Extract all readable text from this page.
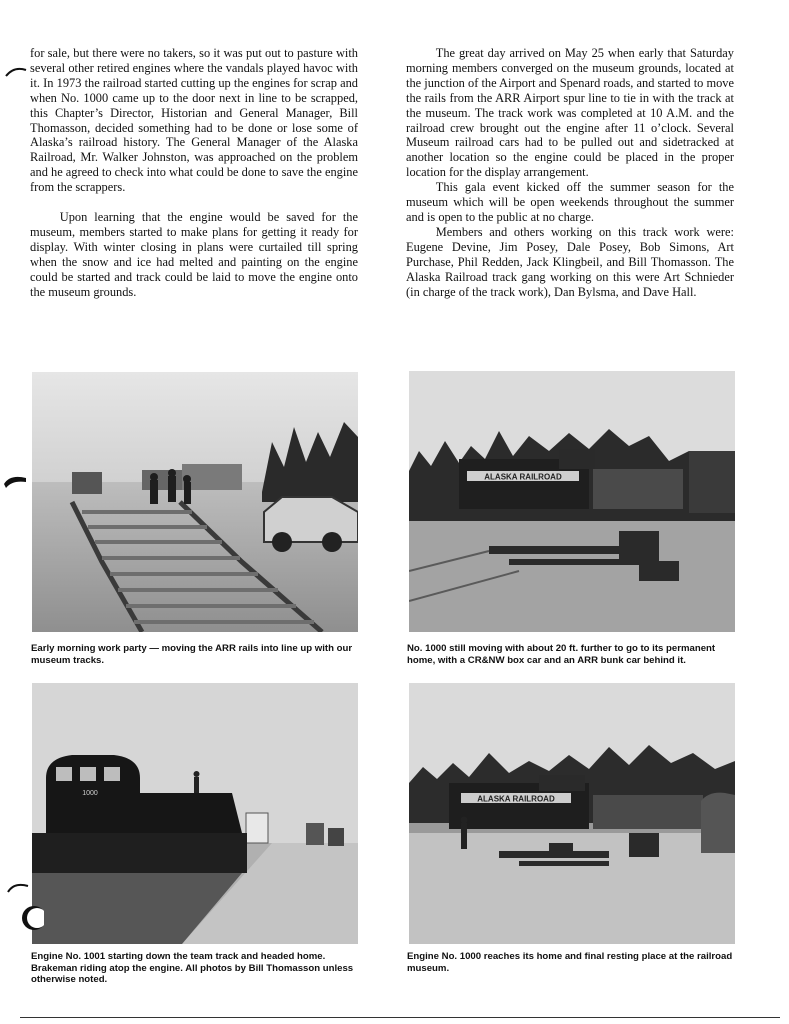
for sale, but there were no takers, so it was put out to pasture with several other retired engines where the vandals played havoc with it. In 1973 the railroad started cutting up the engines for scrap and when No. 1000 came up to the door next in line to be scrapped, this Chapter’s Director, Historian and General Manager, Bill Thomasson, decided something had to be done or lose some of Alaska’s railroad history. The General Manager of the Alaska Railroad, Mr. Walker Johnston, was approached on the problem and he agreed to check into what could be done to save the engine from the scrappers.

Upon learning that the engine would be saved for the museum, members started to make plans for getting it ready for display. With winter closing in plans were curtailed till spring when the snow and ice had melted and painting on the engine could be started and track could be laid to move the engine onto the museum grounds.

The great day arrived on May 25 when early that Saturday morning members converged on the museum grounds, located at the junction of the Airport and Spenard roads, and started to move the rails from the ARR Airport spur line to tie in with the track at the museum. The track work was completed at 10 A.M. and the railroad crew brought out the engine after 11 o’clock. Several Museum railroad cars had to be pulled out and sidetracked at another location so the engine could be placed in the proper location for the display arrangement.

This gala event kicked off the summer season for the museum which will be open weekends throughout the summer and is open to the public at no charge.

Members and others working on this track work were: Eugene Devine, Jim Posey, Dale Posey, Bob Simons, Art Purchase, Phil Redden, Jack Klingbeil, and Bill Thomasson. The Alaska Railroad track gang working on this were Art Schnieder (in charge of the track work), Dan Bylsma, and Dave Hall.

ALASKA RAILROAD
1000
ALASKA RAILROAD
Early morning work party — moving the ARR rails into line up with our museum tracks.
No. 1000 still moving with about 20 ft. further to go to its permanent home, with a CR&NW box car and an ARR bunk car behind it.
Engine No. 1001 starting down the team track and headed home. Brakeman riding atop the engine. All photos by Bill Thomasson unless otherwise noted.
Engine No. 1000 reaches its home and final resting place at the railroad museum.
